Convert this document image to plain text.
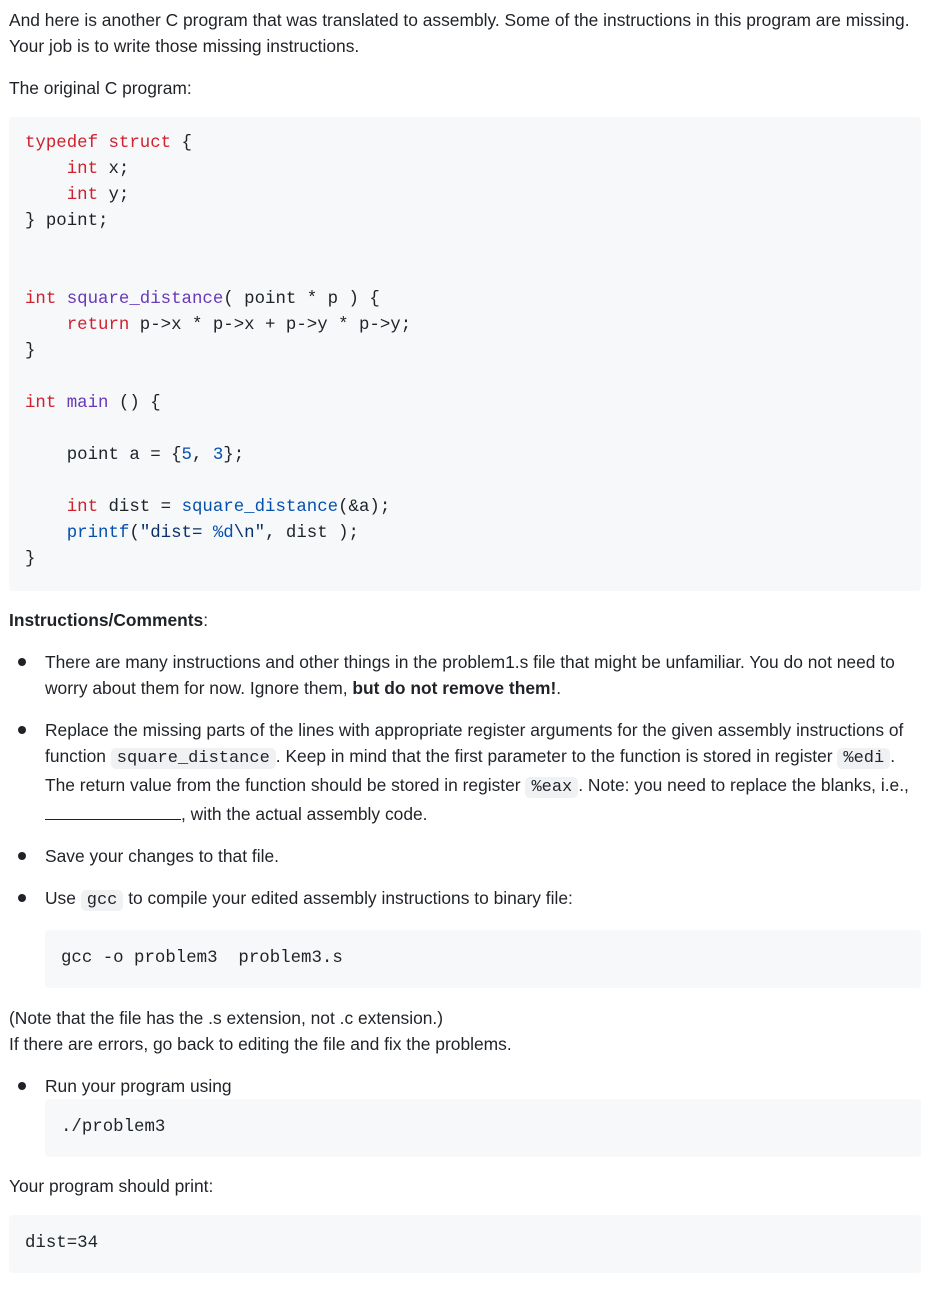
And here is another C program that was translated to assembly. Some of the instructions in this program are missing. Your job is to write those missing instructions.

The original C program:

typedef struct {
int x;
int y;
} point;
int square_distance( point * p ) {
return p->x * p->x + p->y * p->y;
}
int main () {
point a = {5, 3};
int dist = square_distance(&a);
printf("dist= %d\n", dist );
}

Instructions/Comments:

There are many instructions and other things in the problem1.s file that might be unfamiliar. You do not need to worry about them for now. Ignore them, but do not remove them!.
Replace the missing parts of the lines with appropriate register arguments for the given assembly instructions of function square_distance . Keep in mind that the first parameter to the function is stored in register %edi . The return value from the function should be stored in register %eax . Note: you need to replace the blanks, i.e., , with the actual assembly code.
Save your changes to that file.
Use gcc to compile your edited assembly instructions to binary file:
gcc -o problem3  problem3.s

(Note that the file has the .s extension, not .c extension.)

If there are errors, go back to editing the file and fix the problems.

Run your program using
./problem3

Your program should print:

dist=34
